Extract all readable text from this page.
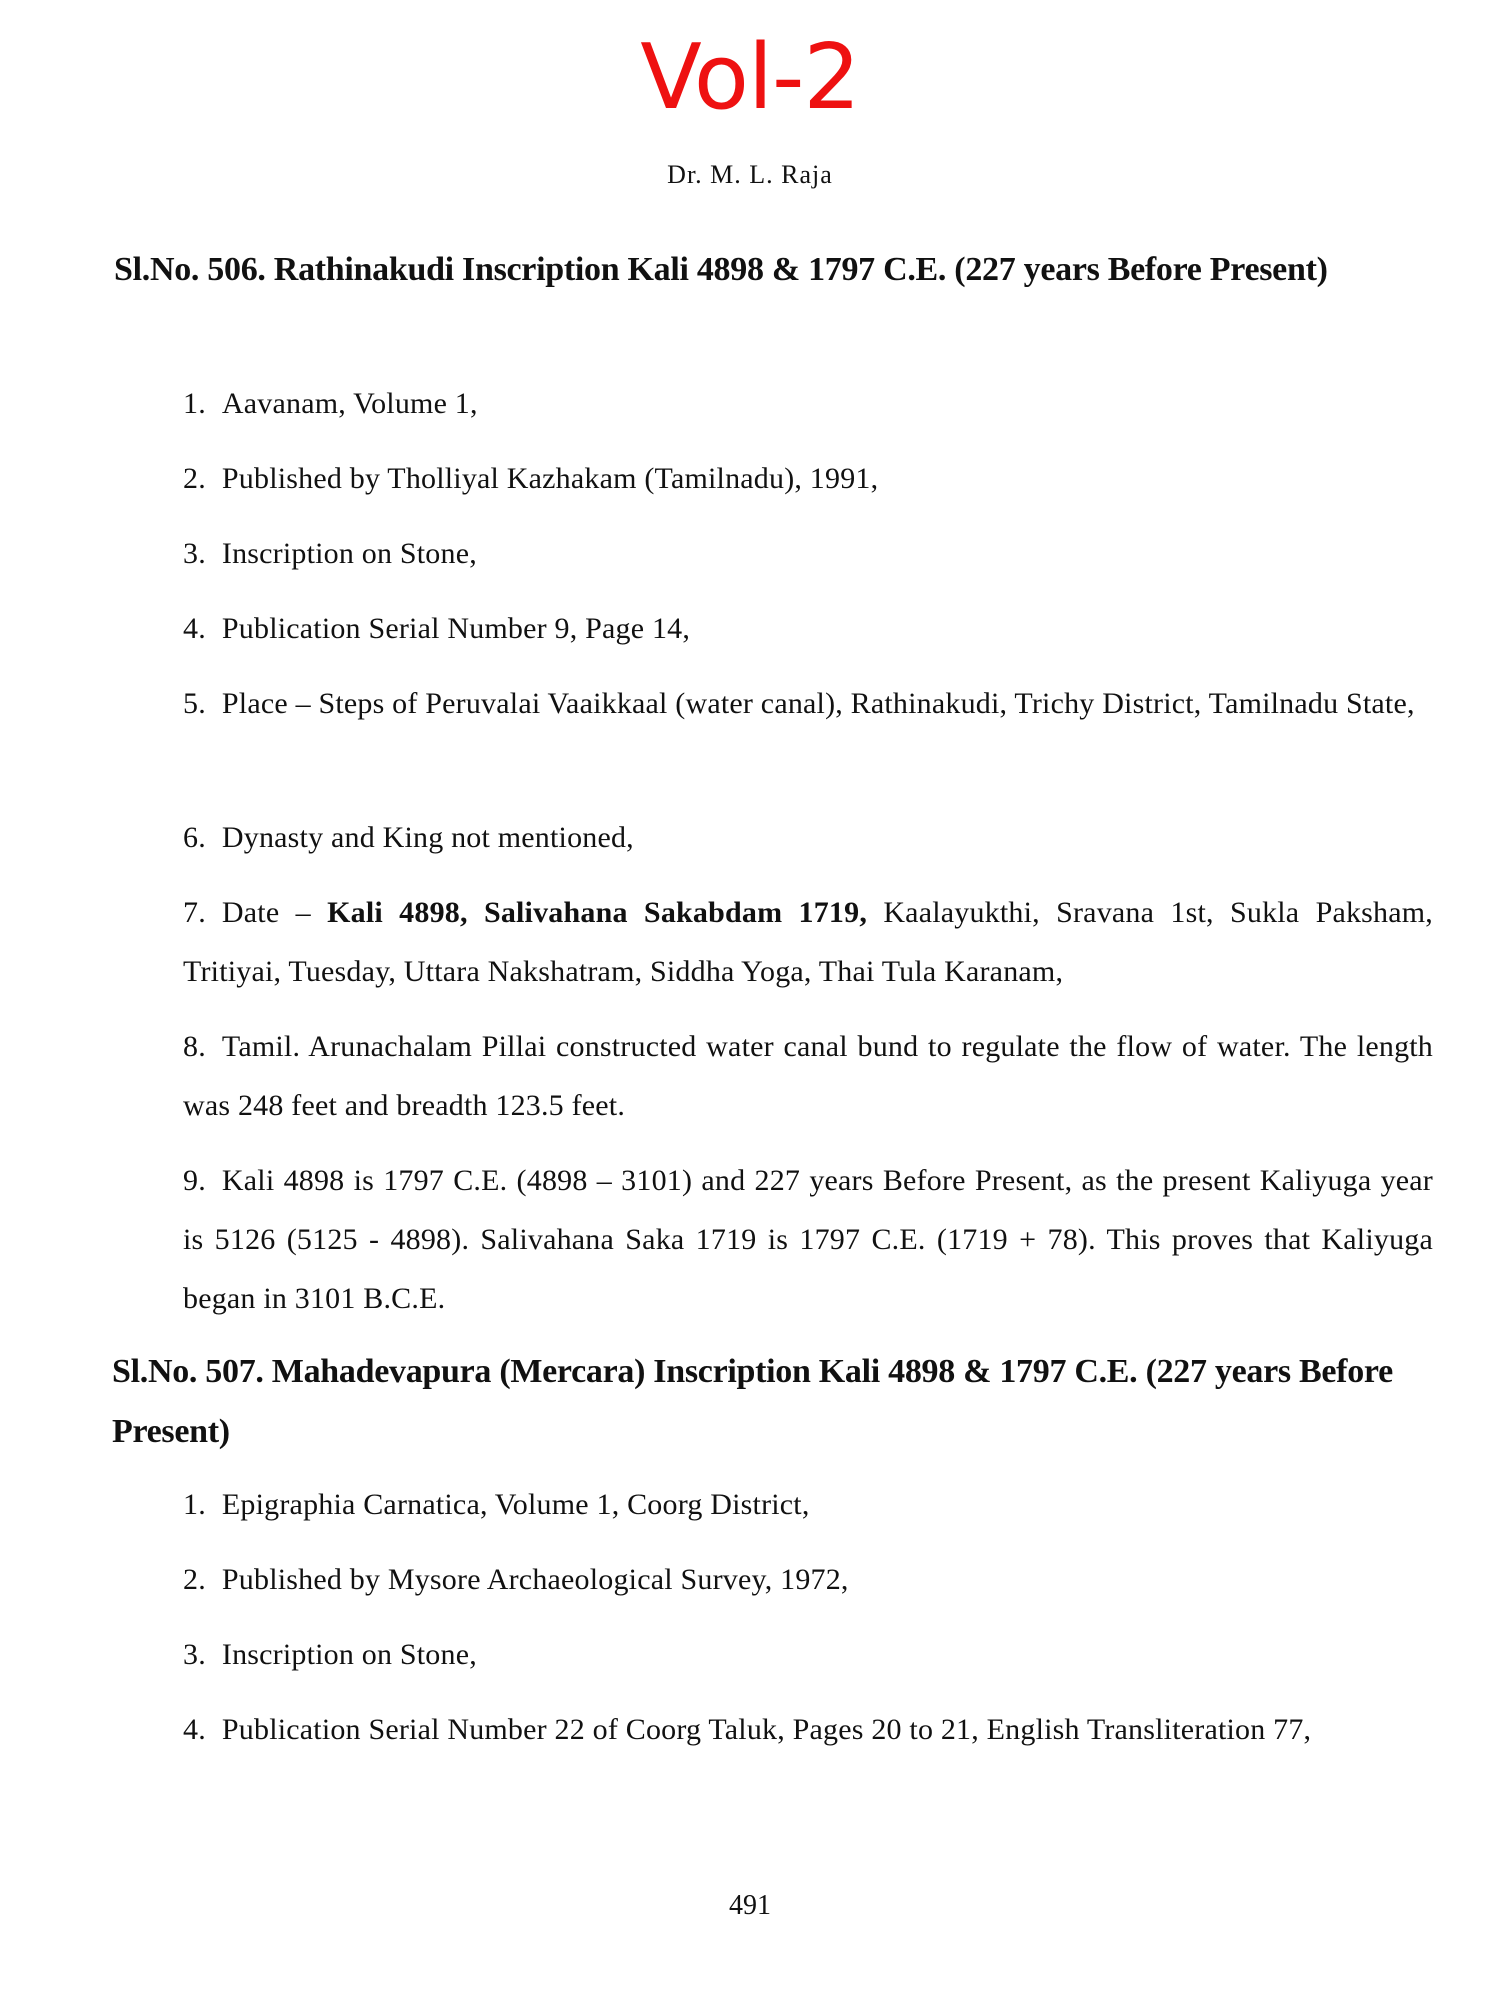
Vol-2
Dr. M. L. Raja
Sl.No. 506. Rathinakudi Inscription Kali 4898 & 1797 C.E. (227 years Before Present)
1. Aavanam, Volume 1,
2. Published by Tholliyal Kazhakam (Tamilnadu), 1991,
3. Inscription on Stone,
4. Publication Serial Number 9, Page 14,
5. Place – Steps of Peruvalai Vaaikkaal (water canal), Rathinakudi, Trichy District, Tamilnadu State,
6. Dynasty and King not mentioned,
7. Date – Kali 4898, Salivahana Sakabdam 1719, Kaalayukthi, Sravana 1st, Sukla Paksham, Tritiyai, Tuesday, Uttara Nakshatram, Siddha Yoga, Thai Tula Karanam,
8. Tamil. Arunachalam Pillai constructed water canal bund to regulate the flow of water. The length was 248 feet and breadth 123.5 feet.
9. Kali 4898 is 1797 C.E. (4898 – 3101) and 227 years Before Present, as the present Kaliyuga year is 5126 (5125 - 4898). Salivahana Saka 1719 is 1797 C.E. (1719 + 78). This proves that Kaliyuga began in 3101 B.C.E.
Sl.No. 507. Mahadevapura (Mercara) Inscription Kali 4898 & 1797 C.E. (227 years Before Present)
1. Epigraphia Carnatica, Volume 1, Coorg District,
2. Published by Mysore Archaeological Survey, 1972,
3. Inscription on Stone,
4. Publication Serial Number 22 of Coorg Taluk, Pages 20 to 21, English Transliteration 77,
491
